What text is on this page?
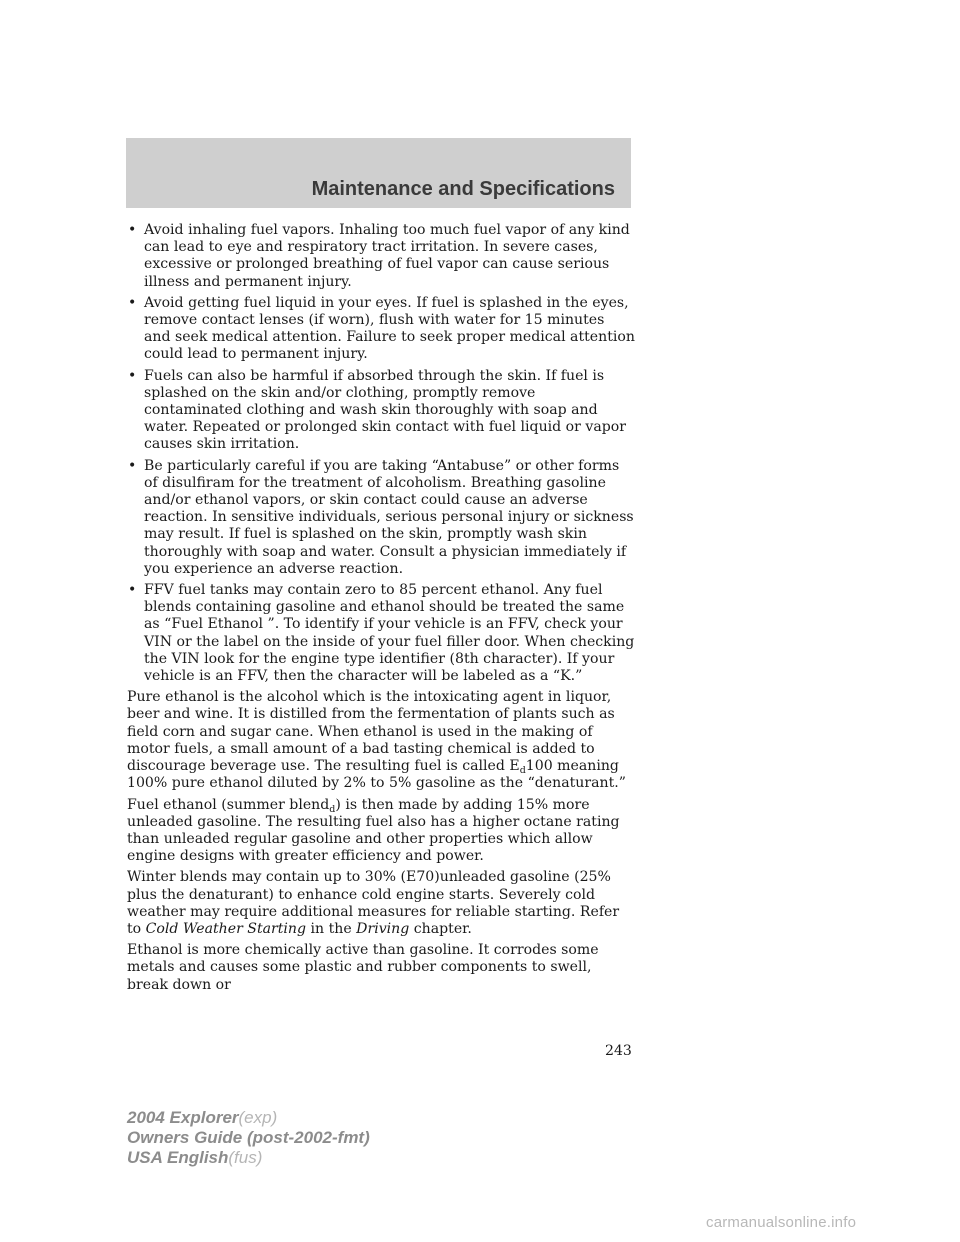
Maintenance and Specifications
• Avoid inhaling fuel vapors. Inhaling too much fuel vapor of any kind can lead to eye and respiratory tract irritation. In severe cases, excessive or prolonged breathing of fuel vapor can cause serious illness and permanent injury.
• Avoid getting fuel liquid in your eyes. If fuel is splashed in the eyes, remove contact lenses (if worn), flush with water for 15 minutes and seek medical attention. Failure to seek proper medical attention could lead to permanent injury.
• Fuels can also be harmful if absorbed through the skin. If fuel is splashed on the skin and/or clothing, promptly remove contaminated clothing and wash skin thoroughly with soap and water. Repeated or prolonged skin contact with fuel liquid or vapor causes skin irritation.
• Be particularly careful if you are taking “Antabuse” or other forms of disulfiram for the treatment of alcoholism. Breathing gasoline and/or ethanol vapors, or skin contact could cause an adverse reaction. In sensitive individuals, serious personal injury or sickness may result. If fuel is splashed on the skin, promptly wash skin thoroughly with soap and water. Consult a physician immediately if you experience an adverse reaction.
• FFV fuel tanks may contain zero to 85 percent ethanol. Any fuel blends containing gasoline and ethanol should be treated the same as “Fuel Ethanol ”. To identify if your vehicle is an FFV, check your VIN or the label on the inside of your fuel filler door. When checking the VIN look for the engine type identifier (8th character). If your vehicle is an FFV, then the character will be labeled as a “K.”

Pure ethanol is the alcohol which is the intoxicating agent in liquor, beer and wine. It is distilled from the fermentation of plants such as field corn and sugar cane. When ethanol is used in the making of motor fuels, a small amount of a bad tasting chemical is added to discourage beverage use. The resulting fuel is called $E_d100$ meaning 100% pure ethanol diluted by 2% to 5% gasoline as the “denaturant.”

Fuel ethanol (summer blend$_d$) is then made by adding 15% more unleaded gasoline. The resulting fuel also has a higher octane rating than unleaded regular gasoline and other properties which allow engine designs with greater efficiency and power.

Winter blends may contain up to 30% (E70)unleaded gasoline (25% plus the denaturant) to enhance cold engine starts. Severely cold weather may require additional measures for reliable starting. Refer to Cold Weather Starting in the Driving chapter.

Ethanol is more chemically active than gasoline. It corrodes some metals and causes some plastic and rubber components to swell, break down or

243
2004 Explorer(exp)
Owners Guide (post-2002-fmt)
USA English(fus)
carmanualsonline.info
